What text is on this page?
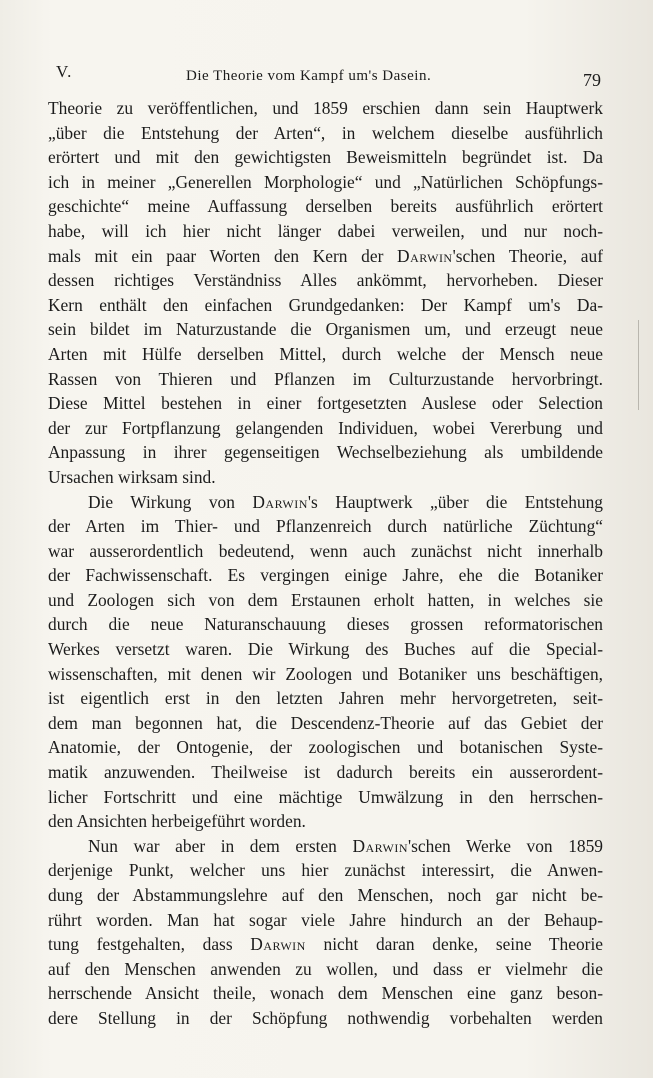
V.	Die Theorie vom Kampf um's Dasein.	79
Theorie zu veröffentlichen, und 1859 erschien dann sein Hauptwerk
„über die Entstehung der Arten“, in welchem dieselbe ausführlich
erörtert und mit den gewichtigsten Beweismitteln begründet ist. Da
ich in meiner „Generellen Morphologie“ und „Natürlichen Schöpfungs-
geschichte“ meine Auffassung derselben bereits ausführlich erörtert
habe, will ich hier nicht länger dabei verweilen, und nur noch-
mals mit ein paar Worten den Kern der Darwin'schen Theorie, auf
dessen richtiges Verständniss Alles ankömmt, hervorheben. Dieser
Kern enthält den einfachen Grundgedanken: Der Kampf um's Da-
sein bildet im Naturzustande die Organismen um, und erzeugt neue
Arten mit Hülfe derselben Mittel, durch welche der Mensch neue
Rassen von Thieren und Pflanzen im Culturzustande hervorbringt.
Diese Mittel bestehen in einer fortgesetzten Auslese oder Selection
der zur Fortpflanzung gelangenden Individuen, wobei Vererbung und
Anpassung in ihrer gegenseitigen Wechselbeziehung als umbildende
Ursachen wirksam sind.
Die Wirkung von Darwin's Hauptwerk „über die Entstehung
der Arten im Thier- und Pflanzenreich durch natürliche Züchtung“
war ausserordentlich bedeutend, wenn auch zunächst nicht innerhalb
der Fachwissenschaft. Es vergingen einige Jahre, ehe die Botaniker
und Zoologen sich von dem Erstaunen erholt hatten, in welches sie
durch die neue Naturanschauung dieses grossen reformatorischen
Werkes versetzt waren. Die Wirkung des Buches auf die Special-
wissenschaften, mit denen wir Zoologen und Botaniker uns beschäftigen,
ist eigentlich erst in den letzten Jahren mehr hervorgetreten, seit-
dem man begonnen hat, die Descendenz-Theorie auf das Gebiet der
Anatomie, der Ontogenie, der zoologischen und botanischen Syste-
matik anzuwenden. Theilweise ist dadurch bereits ein ausserordent-
licher Fortschritt und eine mächtige Umwälzung in den herrschen-
den Ansichten herbeigeführt worden.
Nun war aber in dem ersten Darwin'schen Werke von 1859
derjenige Punkt, welcher uns hier zunächst interessirt, die Anwen-
dung der Abstammungslehre auf den Menschen, noch gar nicht be-
rührt worden. Man hat sogar viele Jahre hindurch an der Behaup-
tung festgehalten, dass Darwin nicht daran denke, seine Theorie
auf den Menschen anwenden zu wollen, und dass er vielmehr die
herrschende Ansicht theile, wonach dem Menschen eine ganz beson-
dere Stellung in der Schöpfung nothwendig vorbehalten werden
